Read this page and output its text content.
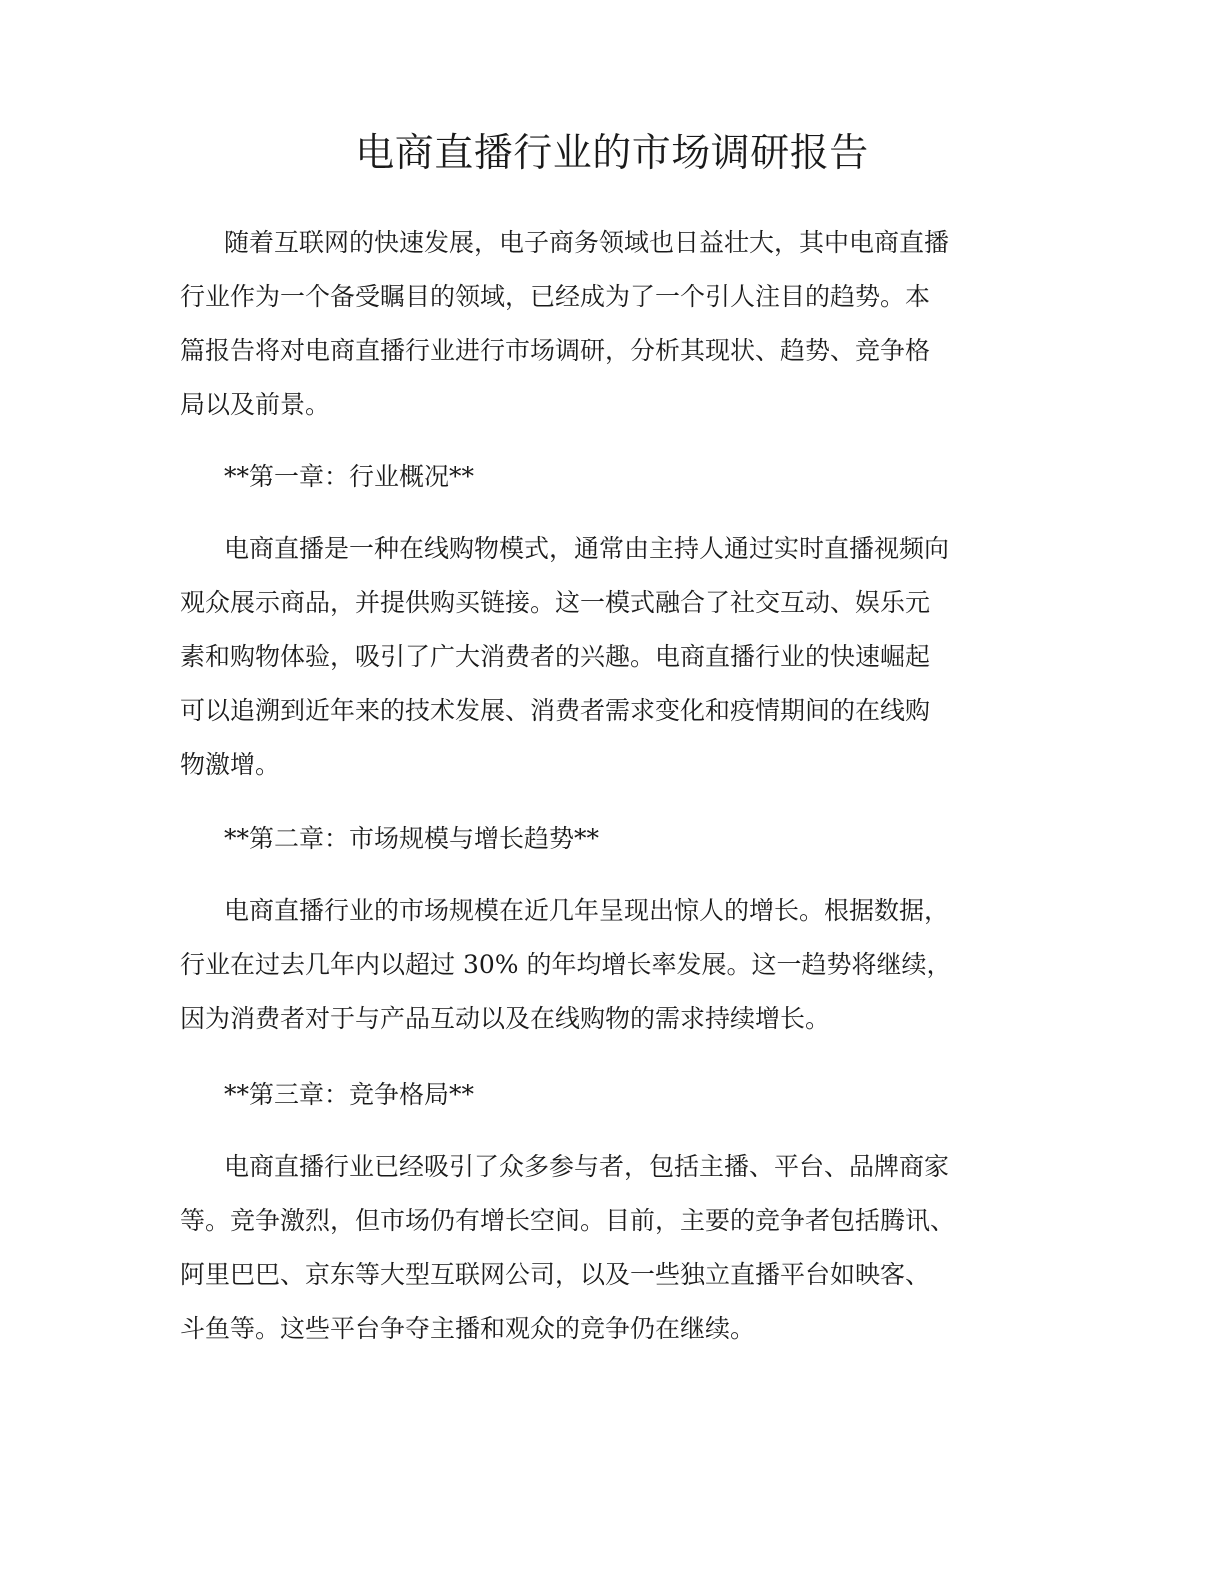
电商直播行业的市场调研报告
随着互联网的快速发展，电子商务领域也日益壮大，其中电商直播
行业作为一个备受瞩目的领域，已经成为了一个引人注目的趋势。本
篇报告将对电商直播行业进行市场调研，分析其现状、趋势、竞争格
局以及前景。
**第一章：行业概况**
电商直播是一种在线购物模式，通常由主持人通过实时直播视频向
观众展示商品，并提供购买链接。这一模式融合了社交互动、娱乐元
素和购物体验，吸引了广大消费者的兴趣。电商直播行业的快速崛起
可以追溯到近年来的技术发展、消费者需求变化和疫情期间的在线购
物激增。
**第二章：市场规模与增长趋势**
电商直播行业的市场规模在近几年呈现出惊人的增长。根据数据，
行业在过去几年内以超过 30% 的年均增长率发展。这一趋势将继续，
因为消费者对于与产品互动以及在线购物的需求持续增长。
**第三章：竞争格局**
电商直播行业已经吸引了众多参与者，包括主播、平台、品牌商家
等。竞争激烈，但市场仍有增长空间。目前，主要的竞争者包括腾讯、
阿里巴巴、京东等大型互联网公司，以及一些独立直播平台如映客、
斗鱼等。这些平台争夺主播和观众的竞争仍在继续。
